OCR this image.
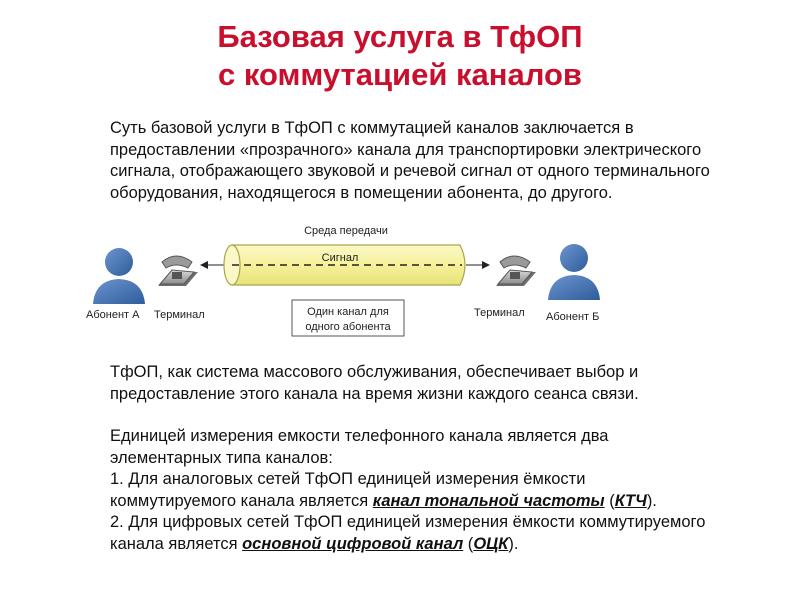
Базовая услуга в ТфОП
с коммутацией каналов
Суть базовой услуги в ТфОП с коммутацией каналов заключается в
предоставлении «прозрачного» канала для транспортировки электрического
сигнала, отображающего звуковой и речевой сигнал от одного терминального
оборудования, находящегося в помещении абонента, до другого.
Среда передачи
Сигнал
Абонент А Терминал	Терминал Абонент Б
Один канал для
одного абонента
ТфОП, как система массового обслуживания, обеспечивает выбор и
предоставление этого канала на время жизни каждого сеанса связи.
Единицей измерения емкости телефонного канала является два
элементарных типа каналов:
1. Для аналоговых сетей ТфОП единицей измерения ёмкости
коммутируемого канала является канал тональной частоты (КТЧ).
2. Для цифровых сетей ТфОП единицей измерения ёмкости коммутируемого
канала является основной цифровой канал (ОЦК).
